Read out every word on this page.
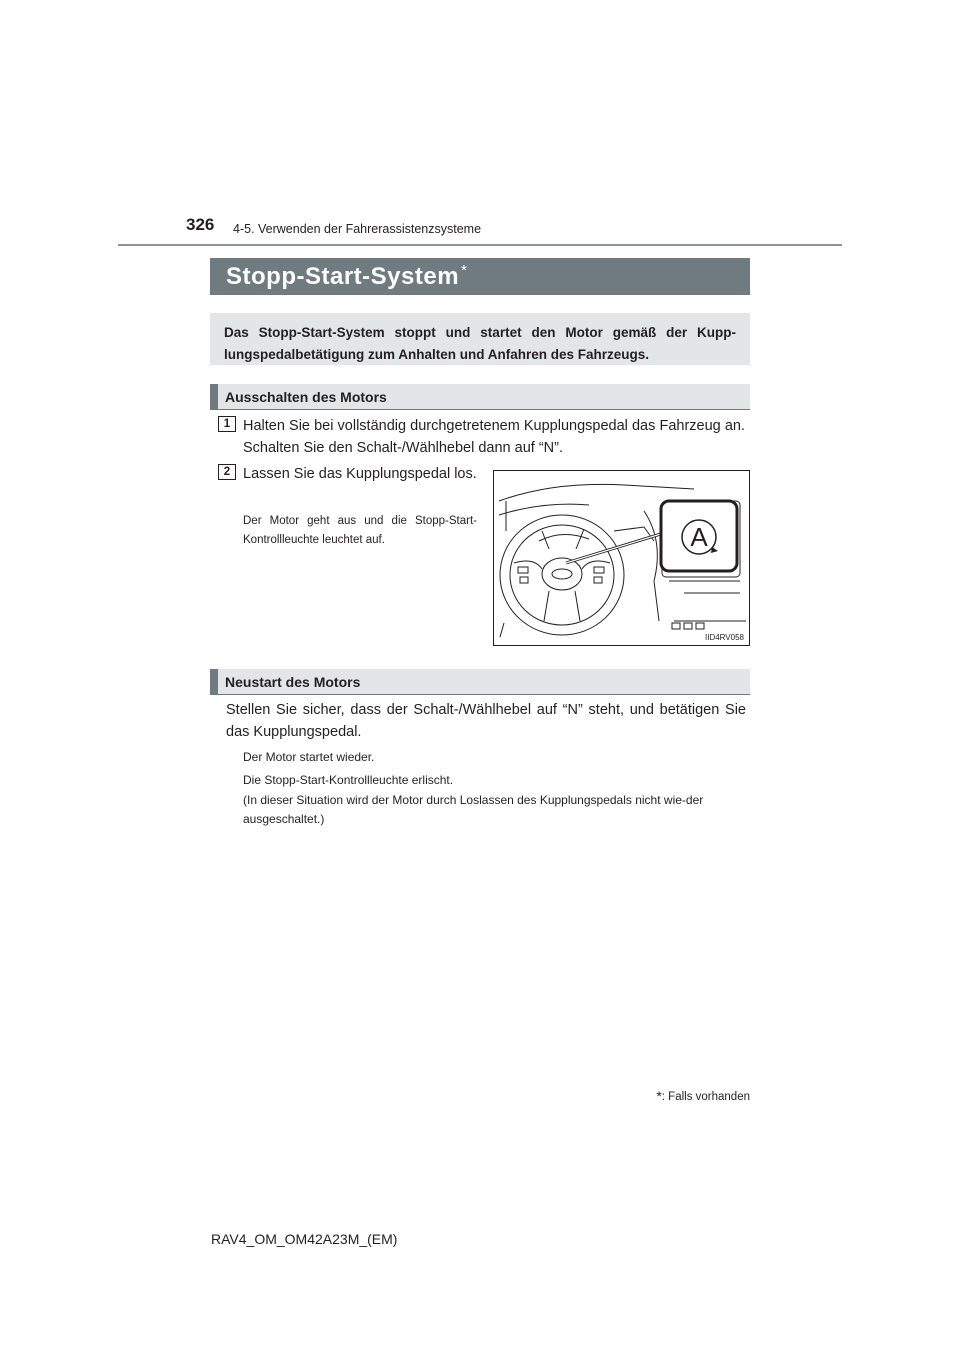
326 4-5. Verwenden der Fahrerassistenzsysteme
Stopp-Start-System *
Das Stopp-Start-System stoppt und startet den Motor gemäß der Kupp-lungspedalbetätigung zum Anhalten und Anfahren des Fahrzeugs.
Ausschalten des Motors
1 Halten Sie bei vollständig durchgetretenem Kupplungspedal das Fahrzeug an. Schalten Sie den Schalt-/Wählhebel dann auf “N”.
2 Lassen Sie das Kupplungspedal los.
Der Motor geht aus und die Stopp-Start-Kontrollleuchte leuchtet auf.	A
IID4RV058
Neustart des Motors
Stellen Sie sicher, dass der Schalt-/Wählhebel auf “N” steht, und betätigen Sie das Kupplungspedal.
Der Motor startet wieder.
Die Stopp-Start-Kontrollleuchte erlischt.
(In dieser Situation wird der Motor durch Loslassen des Kupplungspedals nicht wie-der ausgeschaltet.)
*: Falls vorhanden
RAV4_OM_OM42A23M_(EM)
